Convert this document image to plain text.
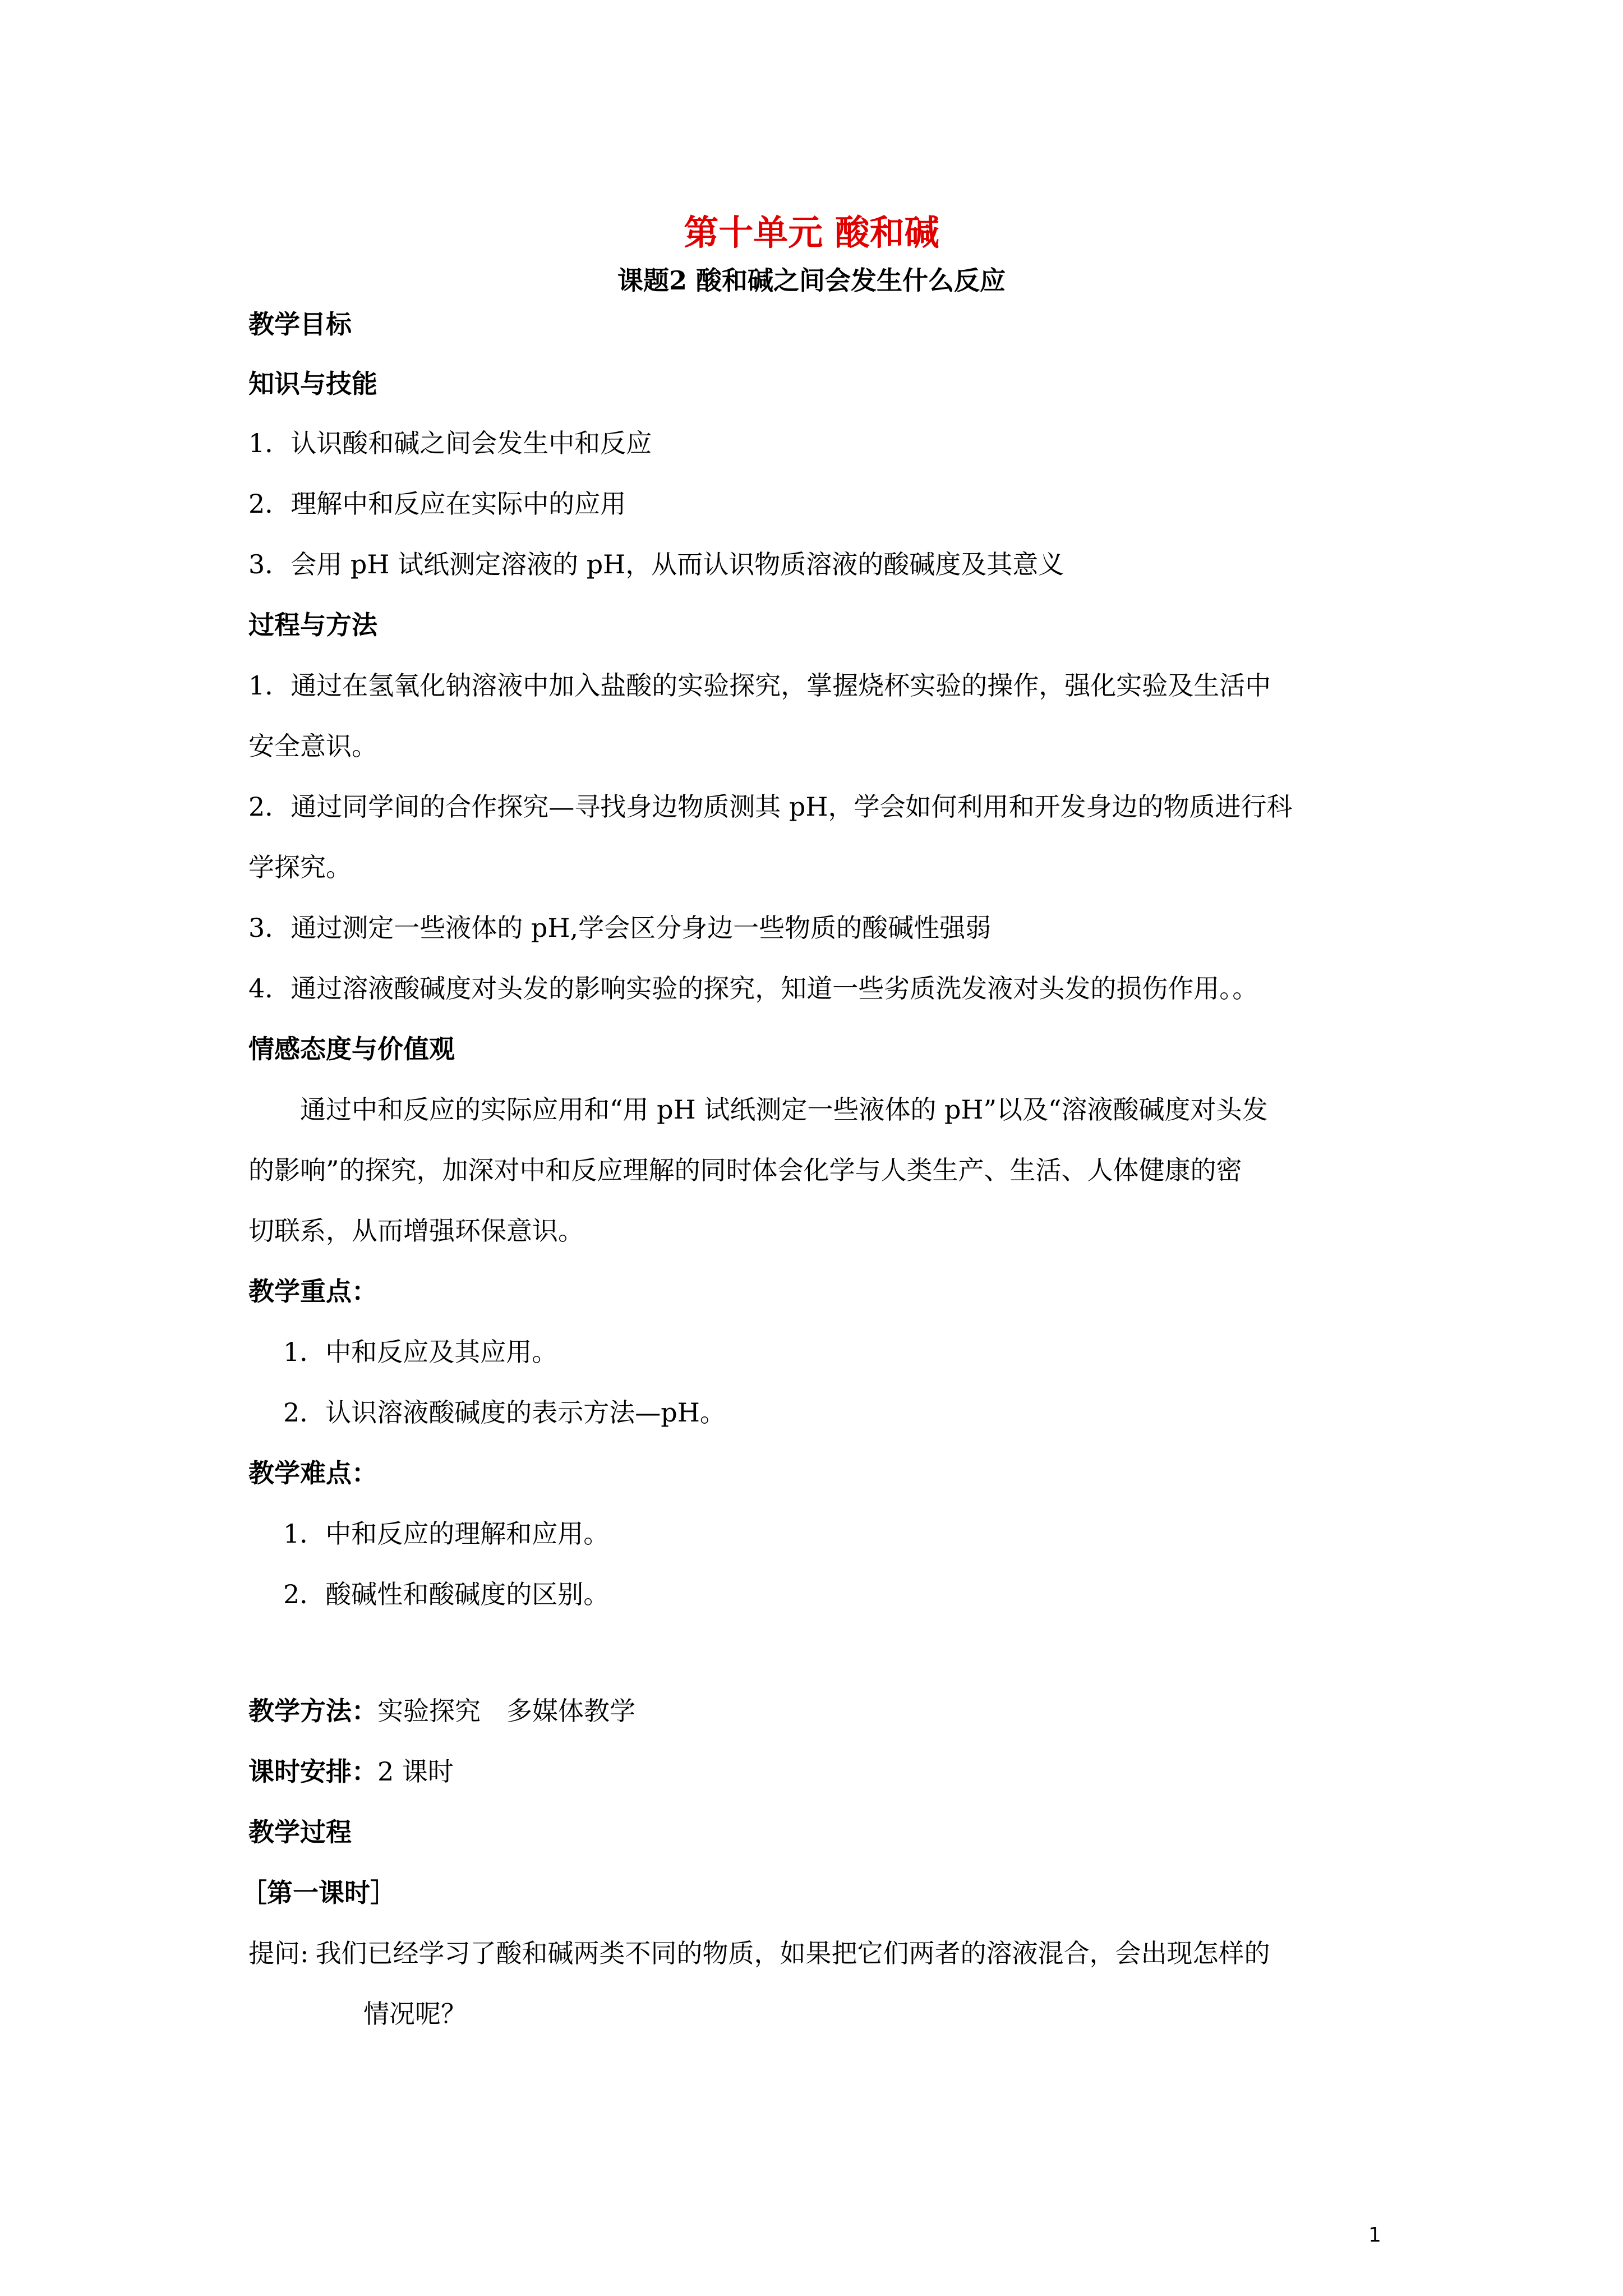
第十单元 酸和碱
课题2 酸和碱之间会发生什么反应
教学目标
知识与技能
1．认识酸和碱之间会发生中和反应
2．理解中和反应在实际中的应用
3．会用 pH 试纸测定溶液的 pH，从而认识物质溶液的酸碱度及其意义
过程与方法
1．通过在氢氧化钠溶液中加入盐酸的实验探究，掌握烧杯实验的操作，强化实验及生活中
安全意识。
2．通过同学间的合作探究—寻找身边物质测其 pH，学会如何利用和开发身边的物质进行科
学探究。
3．通过测定一些液体的 pH,学会区分身边一些物质的酸碱性强弱
4．通过溶液酸碱度对头发的影响实验的探究，知道一些劣质洗发液对头发的损伤作用。。
情感态度与价值观
通过中和反应的实际应用和“用 pH 试纸测定一些液体的 pH”以及“溶液酸碱度对头发
的影响”的探究，加深对中和反应理解的同时体会化学与人类生产、生活、人体健康的密
切联系，从而增强环保意识。
教学重点：
1．中和反应及其应用。
2．认识溶液酸碱度的表示方法—pH。
教学难点：
1．中和反应的理解和应用。
2．酸碱性和酸碱度的区别。
教学方法：实验探究　多媒体教学
课时安排：2 课时
教学过程
［第一课时］
提问: 我们已经学习了酸和碱两类不同的物质，如果把它们两者的溶液混合，会出现怎样的
情况呢？
1
